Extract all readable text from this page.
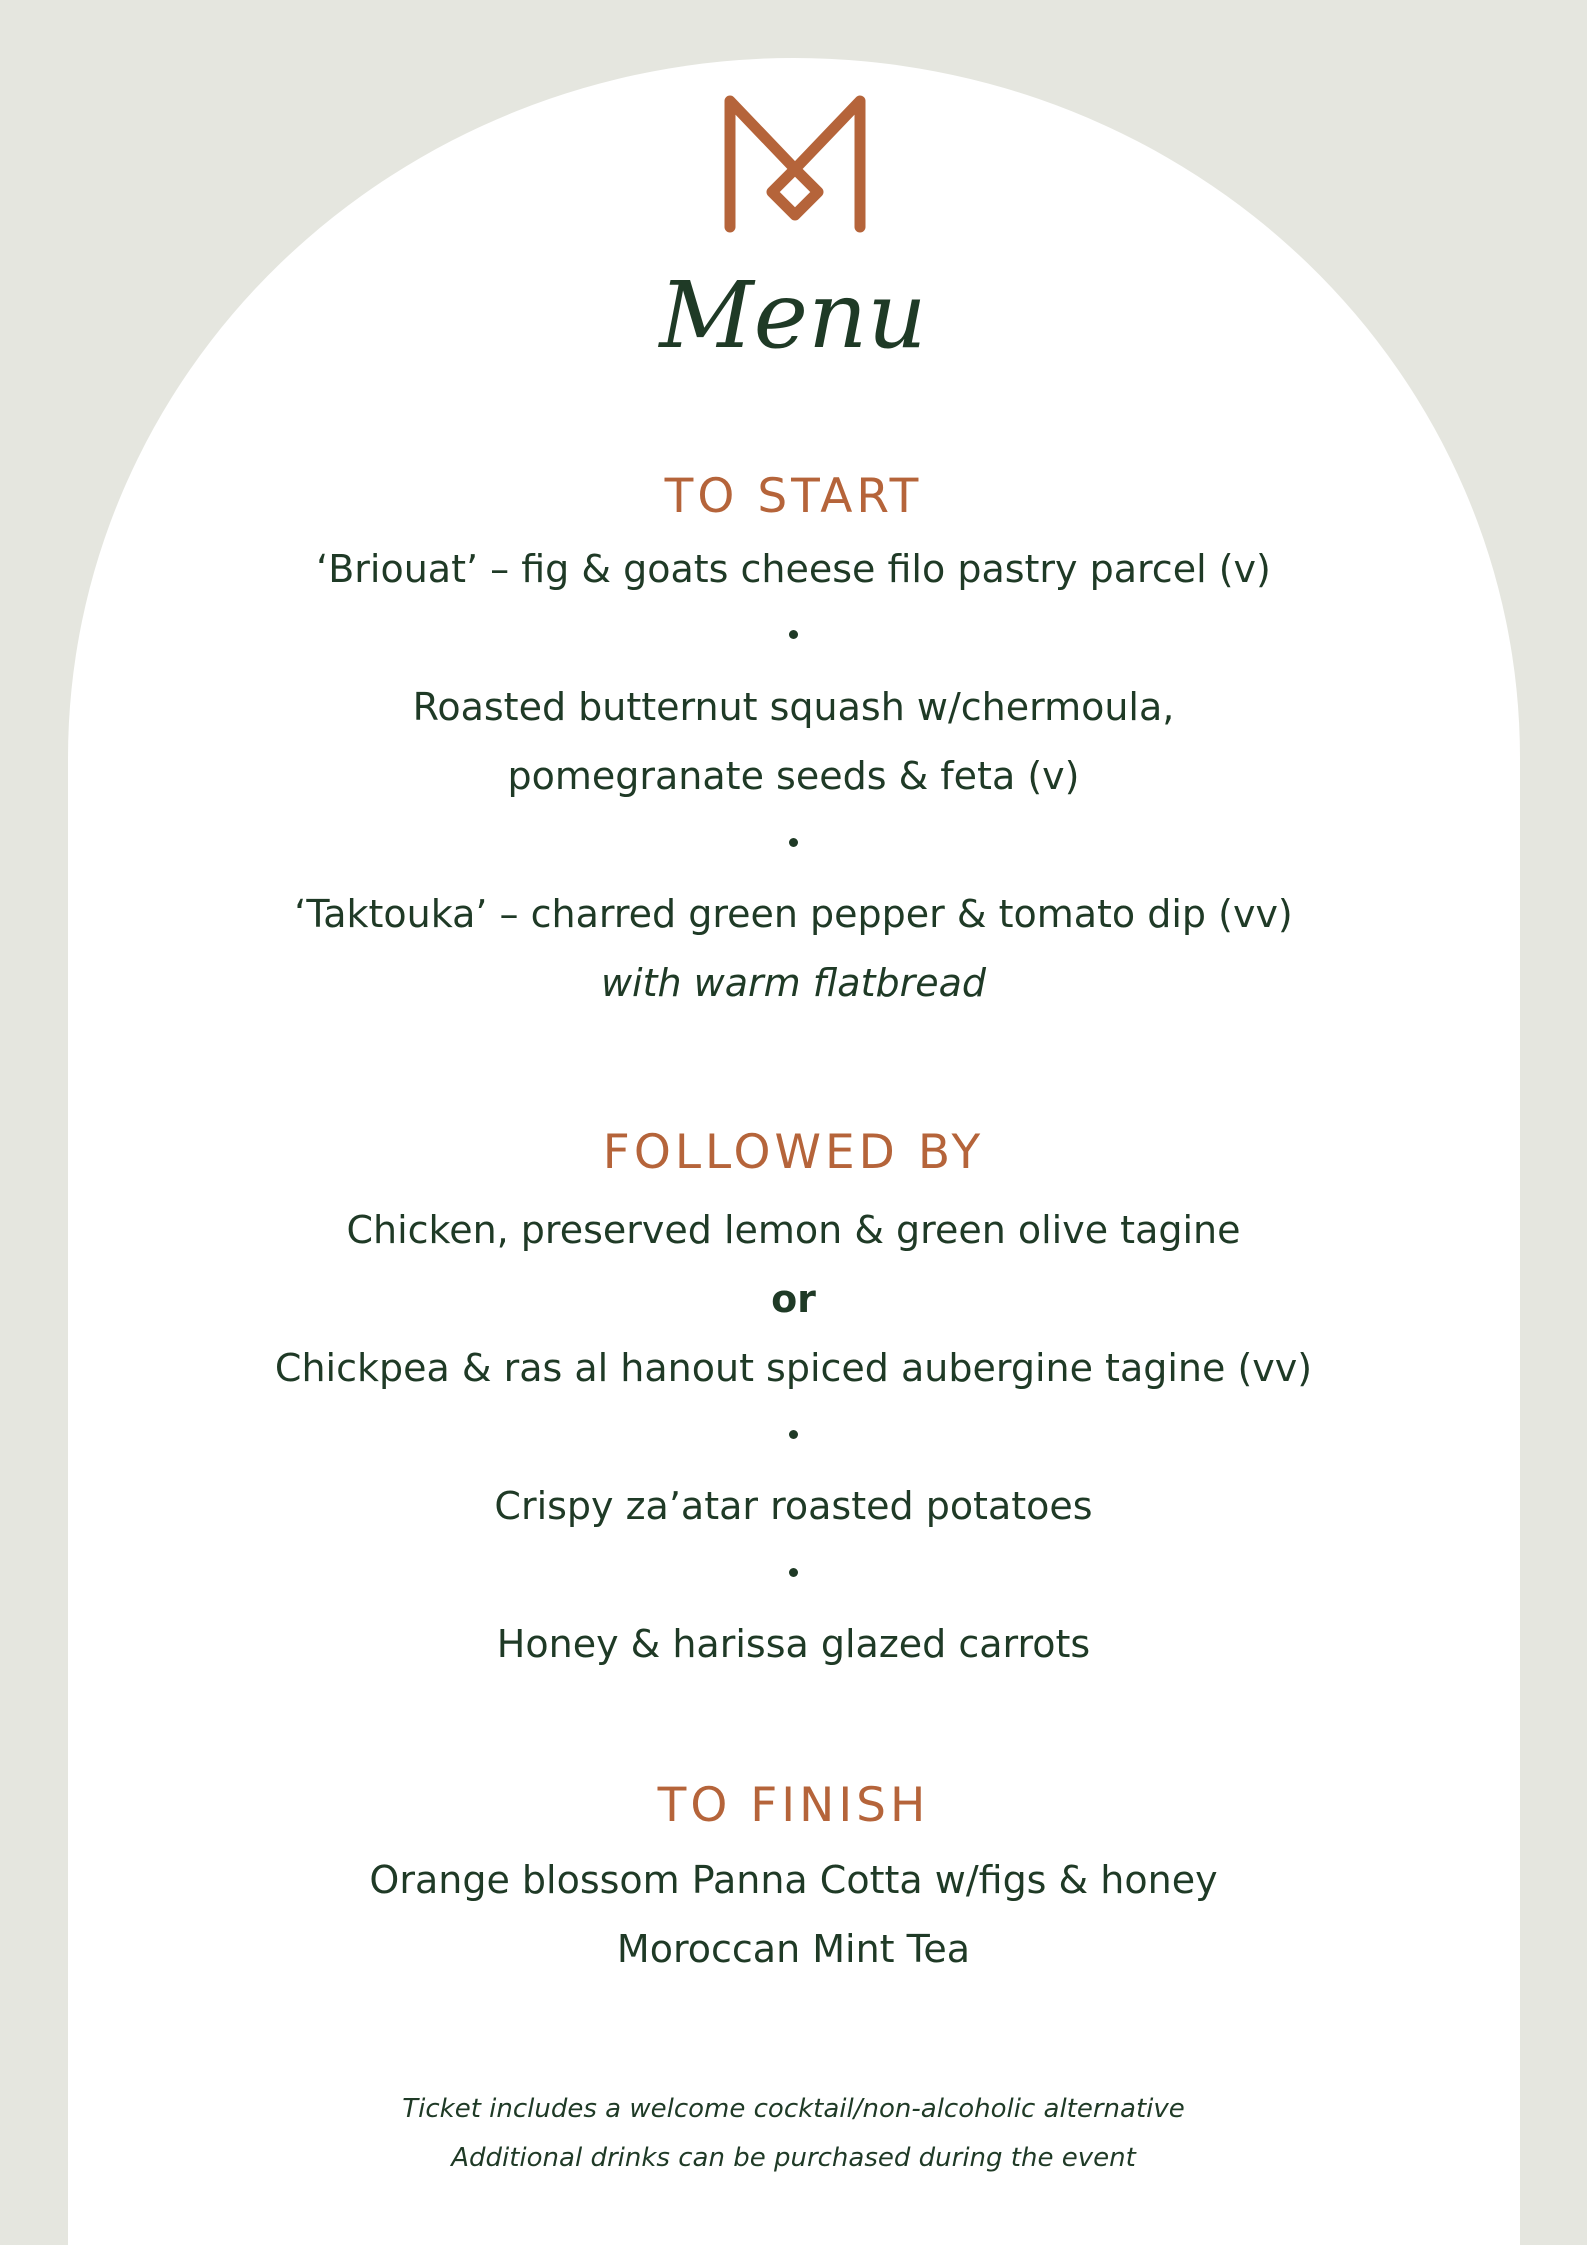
Menu
TO START
‘Briouat’ – fig & goats cheese filo pastry parcel (v)
Roasted butternut squash w/chermoula,
pomegranate seeds & feta (v)
‘Taktouka’ – charred green pepper & tomato dip (vv)
with warm flatbread
FOLLOWED BY
Chicken, preserved lemon & green olive tagine
or
Chickpea & ras al hanout spiced aubergine tagine (vv)
Crispy za’atar roasted potatoes
Honey & harissa glazed carrots
TO FINISH
Orange blossom Panna Cotta w/figs & honey
Moroccan Mint Tea
Ticket includes a welcome cocktail/non-alcoholic alternative
Additional drinks can be purchased during the event
